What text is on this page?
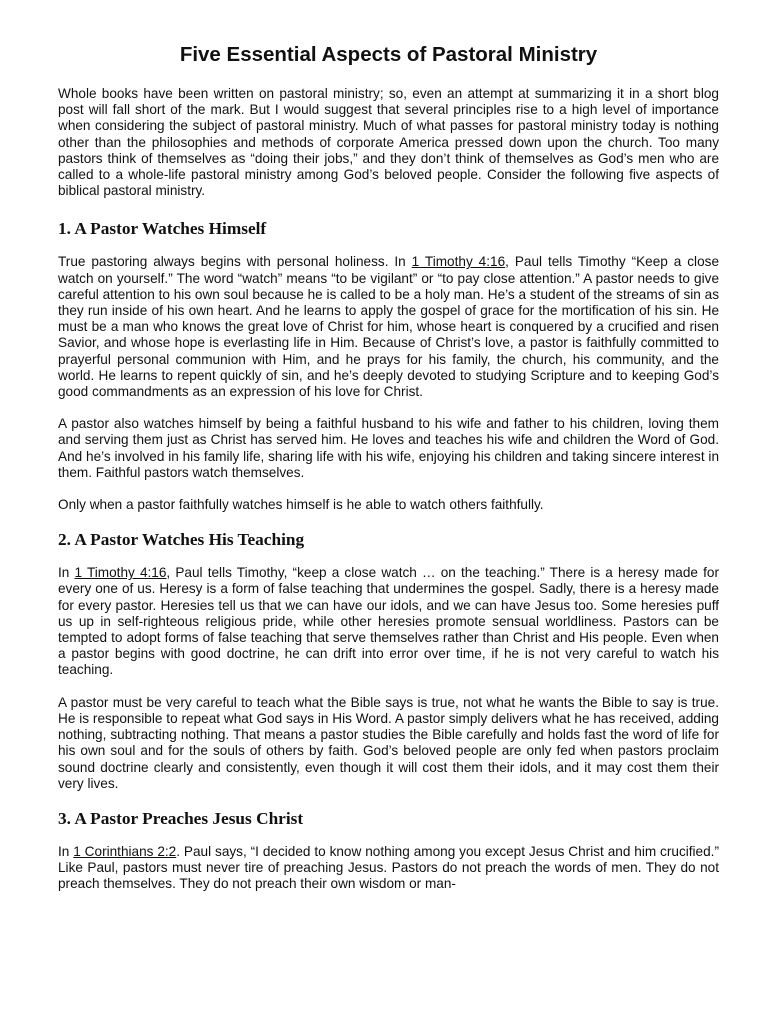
Five Essential Aspects of Pastoral Ministry

Whole books have been written on pastoral ministry; so, even an attempt at summarizing it in a short blog post will fall short of the mark. But I would suggest that several principles rise to a high level of importance when considering the subject of pastoral ministry. Much of what passes for pastoral ministry today is nothing other than the philosophies and methods of corporate America pressed down upon the church. Too many pastors think of themselves as “doing their jobs,” and they don’t think of themselves as God’s men who are called to a whole-life pastoral ministry among God’s beloved people. Consider the following five aspects of biblical pastoral ministry.

1. A Pastor Watches Himself

True pastoring always begins with personal holiness. In 1 Timothy 4:16, Paul tells Timothy “Keep a close watch on yourself.” The word “watch” means “to be vigilant” or “to pay close attention.” A pastor needs to give careful attention to his own soul because he is called to be a holy man. He’s a student of the streams of sin as they run inside of his own heart. And he learns to apply the gospel of grace for the mortification of his sin. He must be a man who knows the great love of Christ for him, whose heart is conquered by a crucified and risen Savior, and whose hope is everlasting life in Him. Because of Christ’s love, a pastor is faithfully committed to prayerful personal communion with Him, and he prays for his family, the church, his community, and the world. He learns to repent quickly of sin, and he’s deeply devoted to studying Scripture and to keeping God’s good commandments as an expression of his love for Christ.

A pastor also watches himself by being a faithful husband to his wife and father to his children, loving them and serving them just as Christ has served him. He loves and teaches his wife and children the Word of God. And he’s involved in his family life, sharing life with his wife, enjoying his children and taking sincere interest in them. Faithful pastors watch themselves.

Only when a pastor faithfully watches himself is he able to watch others faithfully.

2. A Pastor Watches His Teaching

In 1 Timothy 4:16, Paul tells Timothy, “keep a close watch … on the teaching.” There is a heresy made for every one of us. Heresy is a form of false teaching that undermines the gospel. Sadly, there is a heresy made for every pastor. Heresies tell us that we can have our idols, and we can have Jesus too. Some heresies puff us up in self-righteous religious pride, while other heresies promote sensual worldliness. Pastors can be tempted to adopt forms of false teaching that serve themselves rather than Christ and His people. Even when a pastor begins with good doctrine, he can drift into error over time, if he is not very careful to watch his teaching.

A pastor must be very careful to teach what the Bible says is true, not what he wants the Bible to say is true. He is responsible to repeat what God says in His Word. A pastor simply delivers what he has received, adding nothing, subtracting nothing. That means a pastor studies the Bible carefully and holds fast the word of life for his own soul and for the souls of others by faith. God’s beloved people are only fed when pastors proclaim sound doctrine clearly and consistently, even though it will cost them their idols, and it may cost them their very lives.

3. A Pastor Preaches Jesus Christ

In 1 Corinthians 2:2. Paul says, “I decided to know nothing among you except Jesus Christ and him crucified.” Like Paul, pastors must never tire of preaching Jesus. Pastors do not preach the words of men. They do not preach themselves. They do not preach their own wisdom or man-
